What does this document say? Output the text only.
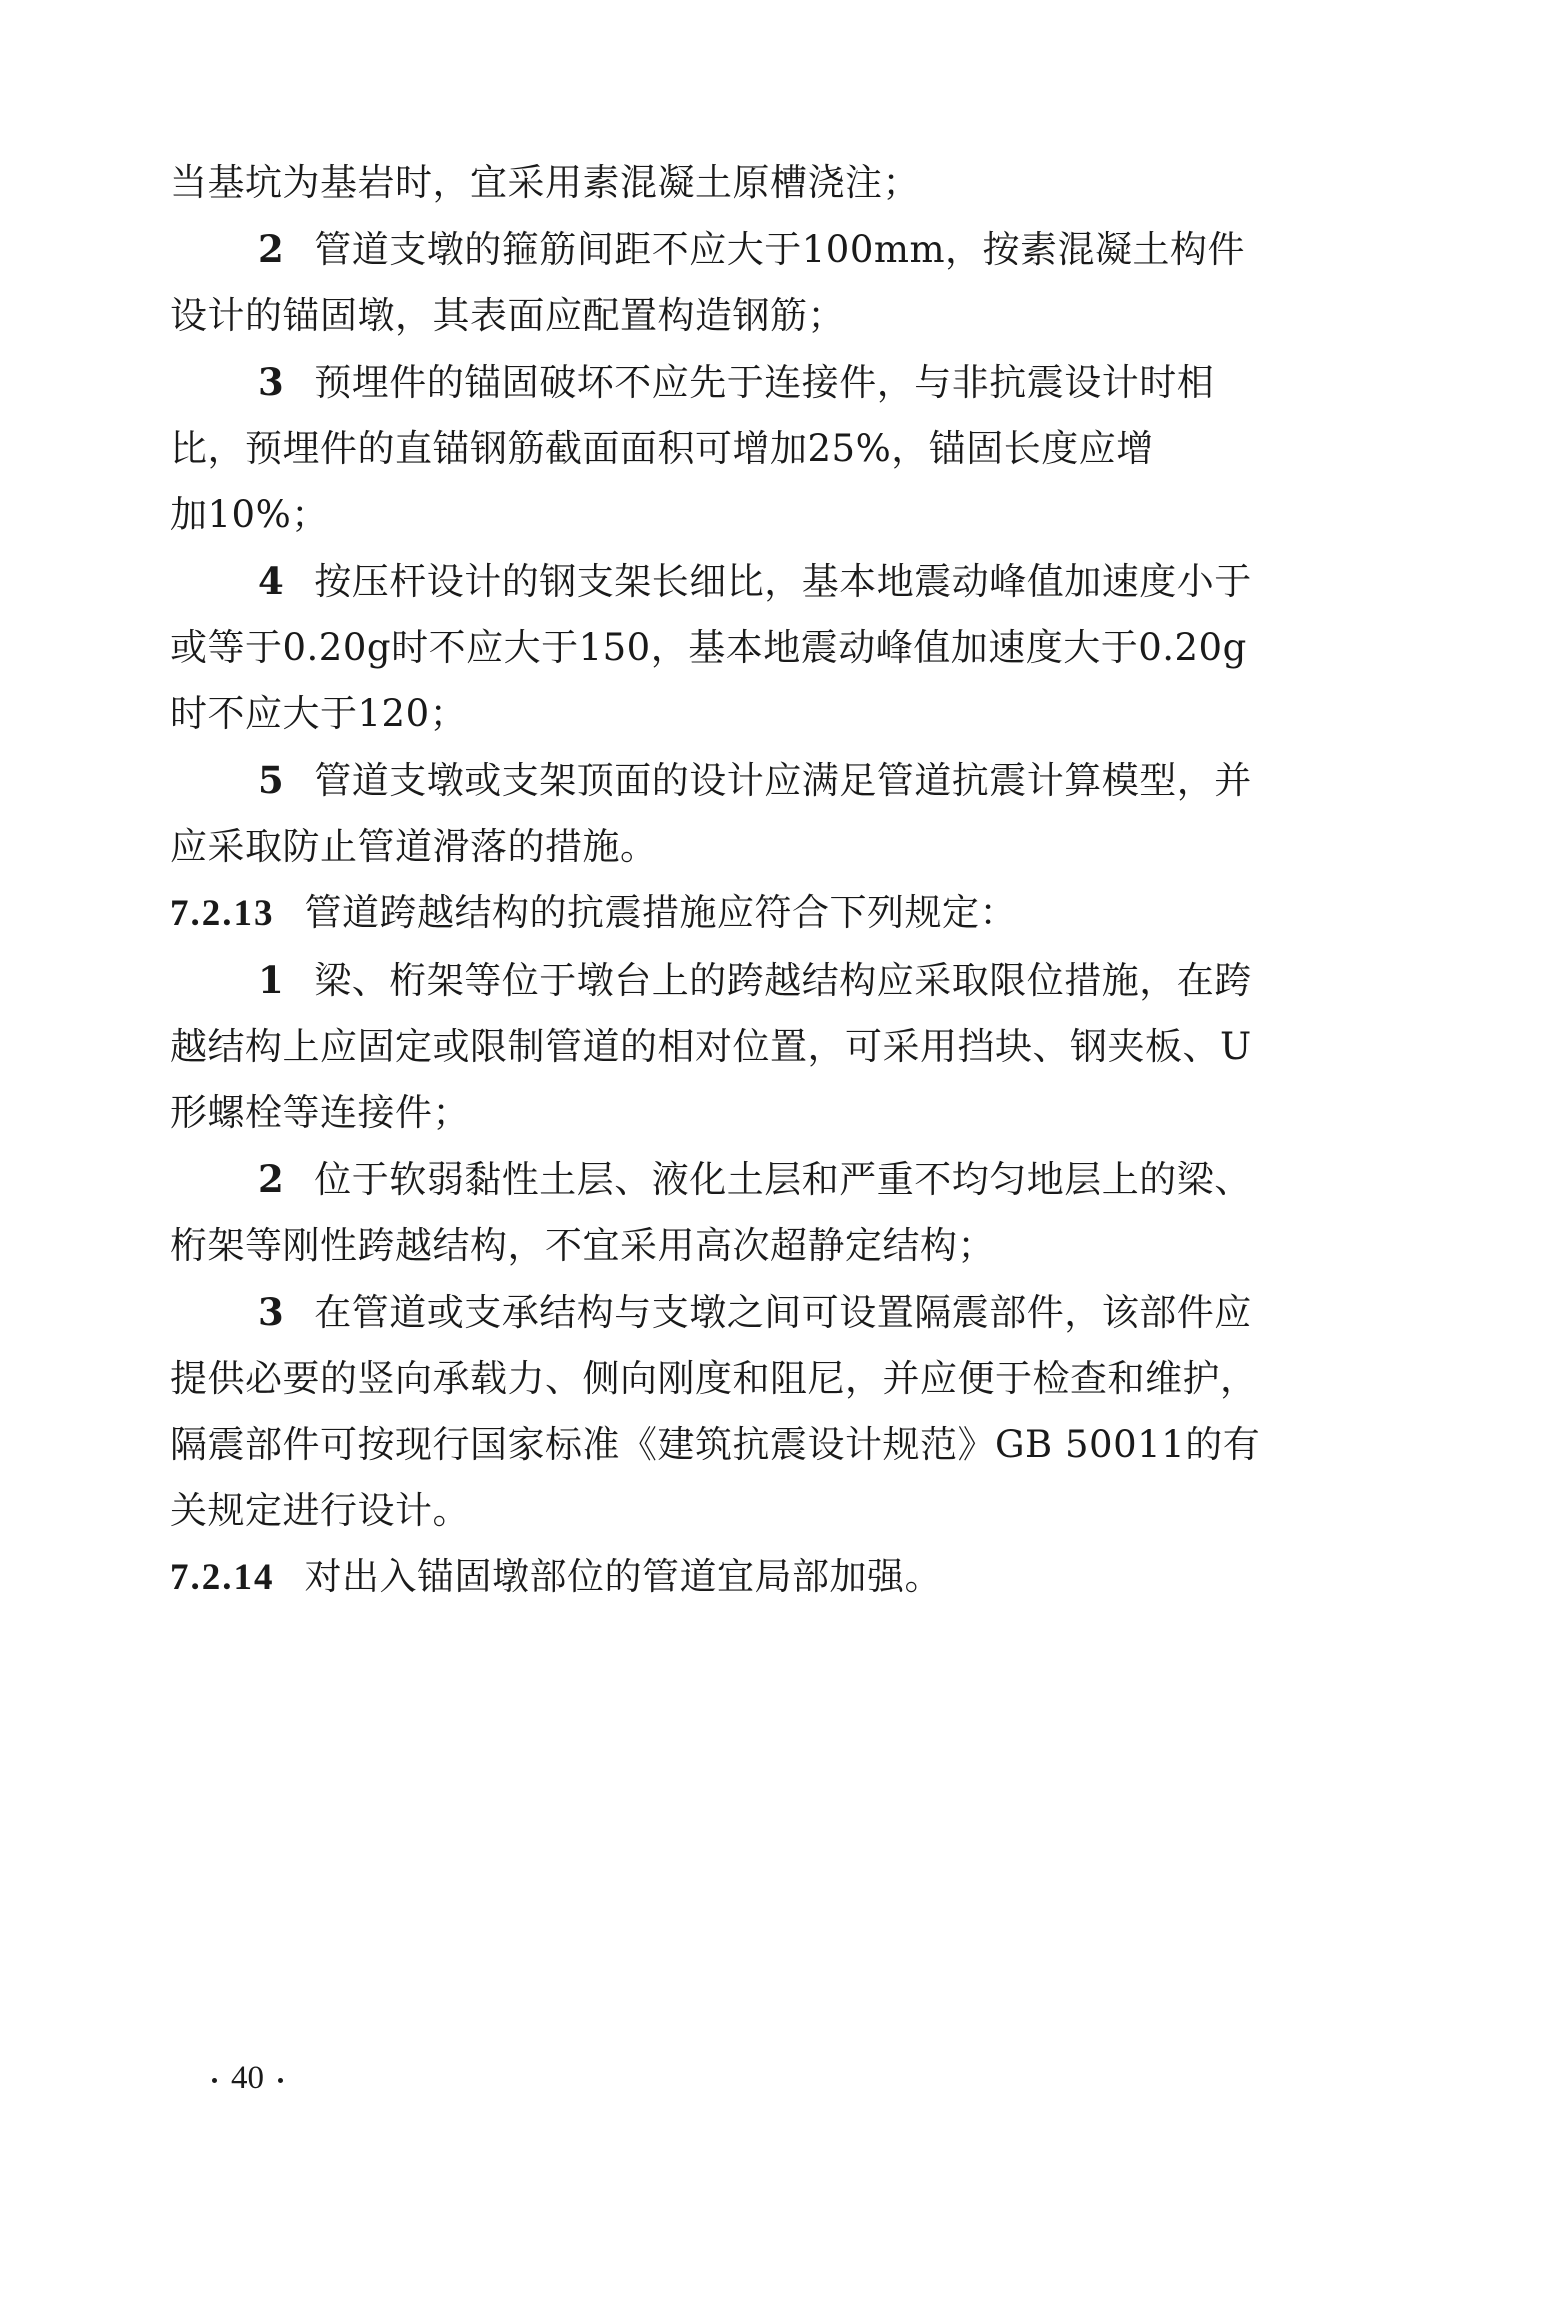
当基坑为基岩时，宜采用素混凝土原槽浇注；
2 管道支墩的箍筋间距不应大于100mm，按素混凝土构件
设计的锚固墩，其表面应配置构造钢筋；
3 预埋件的锚固破坏不应先于连接件，与非抗震设计时相
比，预埋件的直锚钢筋截面面积可增加25%，锚固长度应增
加10%；
4 按压杆设计的钢支架长细比，基本地震动峰值加速度小于
或等于0.20g时不应大于150，基本地震动峰值加速度大于0.20g
时不应大于120；
5 管道支墩或支架顶面的设计应满足管道抗震计算模型，并
应采取防止管道滑落的措施。
7.2.13 管道跨越结构的抗震措施应符合下列规定：
1 梁、桁架等位于墩台上的跨越结构应采取限位措施，在跨
越结构上应固定或限制管道的相对位置，可采用挡块、钢夹板、U
形螺栓等连接件；
2 位于软弱黏性土层、液化土层和严重不均匀地层上的梁、
桁架等刚性跨越结构，不宜采用高次超静定结构；
3 在管道或支承结构与支墩之间可设置隔震部件，该部件应
提供必要的竖向承载力、侧向刚度和阻尼，并应便于检查和维护，
隔震部件可按现行国家标准《建筑抗震设计规范》GB 50011的有
关规定进行设计。
7.2.14 对出入锚固墩部位的管道宜局部加强。
40
